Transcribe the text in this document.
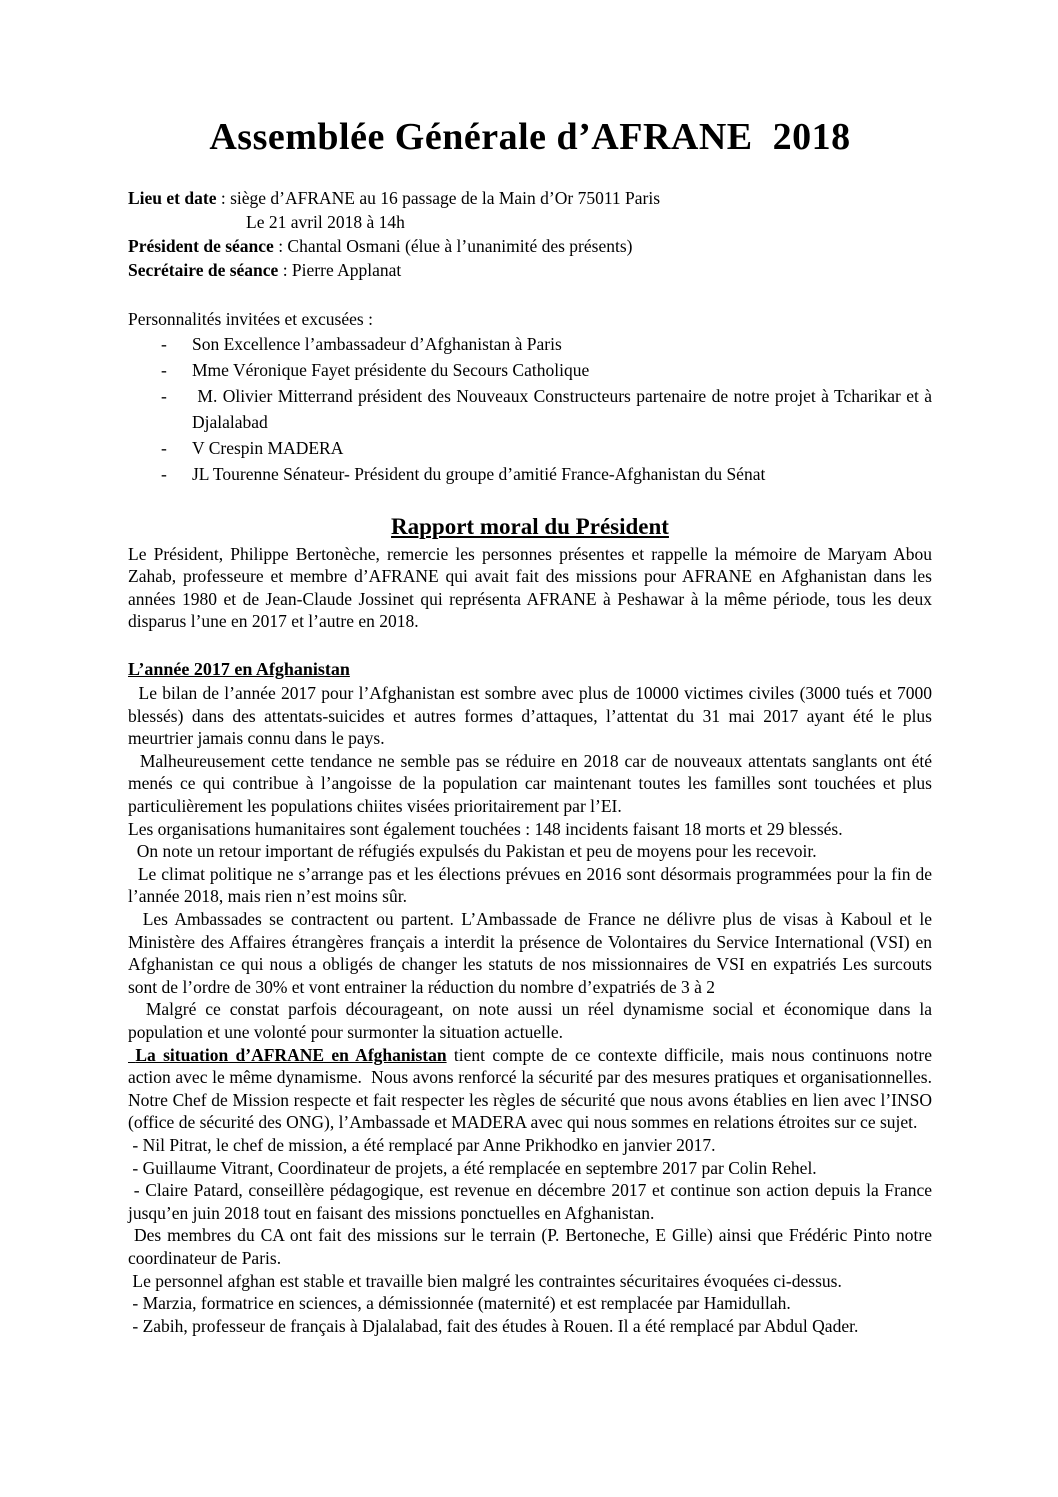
Assemblée Générale d’AFRANE  2018

Lieu et date : siège d’AFRANE au 16 passage de la Main d’Or 75011 Paris

Le 21 avril 2018 à 14h

Président de séance : Chantal Osmani (élue à l’unanimité des présents)

Secrétaire de séance : Pierre Applanat

Personnalités invitées et excusées :

- Son Excellence l’ambassadeur d’Afghanistan à Paris
- Mme Véronique Fayet présidente du Secours Catholique
- M. Olivier Mitterrand président des Nouveaux Constructeurs partenaire de notre projet à Tcharikar et à Djalalabad
- V Crespin MADERA
- JL Tourenne Sénateur- Président du groupe d’amitié France-Afghanistan du Sénat
Rapport moral du Président

Le Président, Philippe Bertonèche, remercie les personnes présentes et rappelle la mémoire de Maryam Abou Zahab, professeure et membre d’AFRANE qui avait fait des missions pour AFRANE en Afghanistan dans les années 1980 et de Jean-Claude Jossinet qui représenta AFRANE à Peshawar à la même période, tous les deux disparus l’une en 2017 et l’autre en 2018.

L’année 2017 en Afghanistan

Le bilan de l’année 2017 pour l’Afghanistan est sombre avec plus de 10000 victimes civiles (3000 tués et 7000 blessés) dans des attentats-suicides et autres formes d’attaques, l’attentat du 31 mai 2017 ayant été le plus meurtrier jamais connu dans le pays.

Malheureusement cette tendance ne semble pas se réduire en 2018 car de nouveaux attentats sanglants ont été menés ce qui contribue à l’angoisse de la population car maintenant toutes les familles sont touchées et plus particulièrement les populations chiites visées prioritairement par l’EI.

Les organisations humanitaires sont également touchées : 148 incidents faisant 18 morts et 29 blessés.

On note un retour important de réfugiés expulsés du Pakistan et peu de moyens pour les recevoir.

Le climat politique ne s’arrange pas et les élections prévues en 2016 sont désormais programmées pour la fin de l’année 2018, mais rien n’est moins sûr.

Les Ambassades se contractent ou partent. L’Ambassade de France ne délivre plus de visas à Kaboul et le Ministère des Affaires étrangères français a interdit la présence de Volontaires du Service International (VSI) en Afghanistan ce qui nous a obligés de changer les statuts de nos missionnaires de VSI en expatriés Les surcouts sont de l’ordre de 30% et vont entrainer la réduction du nombre d’expatriés de 3 à 2

Malgré ce constat parfois décourageant, on note aussi un réel dynamisme social et économique dans la population et une volonté pour surmonter la situation actuelle.

La situation d’AFRANE en Afghanistan tient compte de ce contexte difficile, mais nous continuons notre action avec le même dynamisme.  Nous avons renforcé la sécurité par des mesures pratiques et organisationnelles. Notre Chef de Mission respecte et fait respecter les règles de sécurité que nous avons établies en lien avec l’INSO (office de sécurité des ONG), l’Ambassade et MADERA avec qui nous sommes en relations étroites sur ce sujet.

- Nil Pitrat, le chef de mission, a été remplacé par Anne Prikhodko en janvier 2017.

- Guillaume Vitrant, Coordinateur de projets, a été remplacée en septembre 2017 par Colin Rehel.

- Claire Patard, conseillère pédagogique, est revenue en décembre 2017 et continue son action depuis la France jusqu’en juin 2018 tout en faisant des missions ponctuelles en Afghanistan.

Des membres du CA ont fait des missions sur le terrain (P. Bertoneche, E Gille) ainsi que Frédéric Pinto notre coordinateur de Paris.

Le personnel afghan est stable et travaille bien malgré les contraintes sécuritaires évoquées ci-dessus.

- Marzia, formatrice en sciences, a démissionnée (maternité) et est remplacée par Hamidullah.

- Zabih, professeur de français à Djalalabad, fait des études à Rouen. Il a été remplacé par Abdul Qader.
